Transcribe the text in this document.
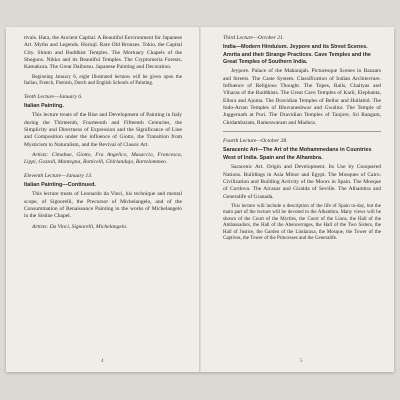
tivals. Hara, the Ancient Capital. A Beautiful Environment for Japanese Art. Myths and Legends. Horiuji. Rare Old Bronzes. Tokio, the Capital City. Shinto and Buddhist Temples. The Mortuary Chapels of the Shoguns. Nikko and its Beautiful Temples. The Cryptomeria Forests. Kamakura. The Great Daibutsu. Japanese Painting and Decoration.

Beginning January 6, eight Illustrated lectures will be given upon the Italian, French, Flemish, Dutch and English Schools of Painting.

Tenth Lecture—January 6.

Italian Painting.

This lecture treats of the Rise and Development of Painting in Italy during the Thirteenth, Fourteenth and Fifteenth Centuries, the Simplicity and Directness of Expression and the Significance of Line and Composition under the influence of Giotto, the Transition from Mysticism to Naturalism, and the Revival of Classic Art.

Artists: Cimabue, Giotto, Fra Angelico, Masaccio, Francesca, Lippi, Gozzoli, Mantegna, Botticelli, Ghirlandajo, Bartolommeo.

Eleventh Lecture—January 13.

Italian Painting—Continued.

This lecture treats of Leonardo da Vinci, his technique and mental scope, of Signorelli, the Precursor of Michelangelo, and of the Consummation of Renaissance Painting in the works of Michelangelo in the Sistine Chapel.

Artists: Da Vinci, Signorelli, Michelangelo.

Third Lecture—October 21.

India—Modern Hinduism. Jeypore and its Street Scenes. Amrita and their Strange Practices. Cave Temples and the Great Temples of Southern India.

Jeypore. Palace of the Maharajah. Picturesque Scenes in Bazaars and Streets. The Caste System. Classification of Indian Architecture. Influence of Religious Thought. The Topes, Rails, Chaityas and Viharas of the Buddhists. The Great Cave Temples of Karli, Elephanta, Ellora and Ajunta. The Dravidian Temples of Bellur and Hullabid. The Indo-Arran Temples of Bhuvaneshwar and Gwalior. The Temple of Juggernath at Puri. The Dravidian Temples of Tanjore, Sri Rangam, Chidambaram, Rameswaram and Madura.

Fourth Lecture—October 28.

Saracenic Art—The Art of the Mohammedans in Countries West of India. Spain and the Alhambra.

Saracenic Art. Origin and Development. Its Use by Conquered Nations. Buildings in Asia Minor and Egypt. The Mosques of Cairo. Civilization and Building Activity of the Moors in Spain. The Mosque of Cordova. The Alcazar and Giralda of Seville. The Alhambra and Generalife of Granada.

This lecture will include a description of the life of Spain to-day, but the main part of the lecture will be devoted to the Alhambra. Many views will be shown of the Court of the Myrtles, the Court of the Lions, the Hall of the Ambassadors, the Hall of the Abencerrages, the Hall of the Two Sisters, the Hall of Justice, the Garden of the Lindaraxa, the Mosque, the Tower of the Captives, the Tower of the Princesses and the Generalife.

4	5
